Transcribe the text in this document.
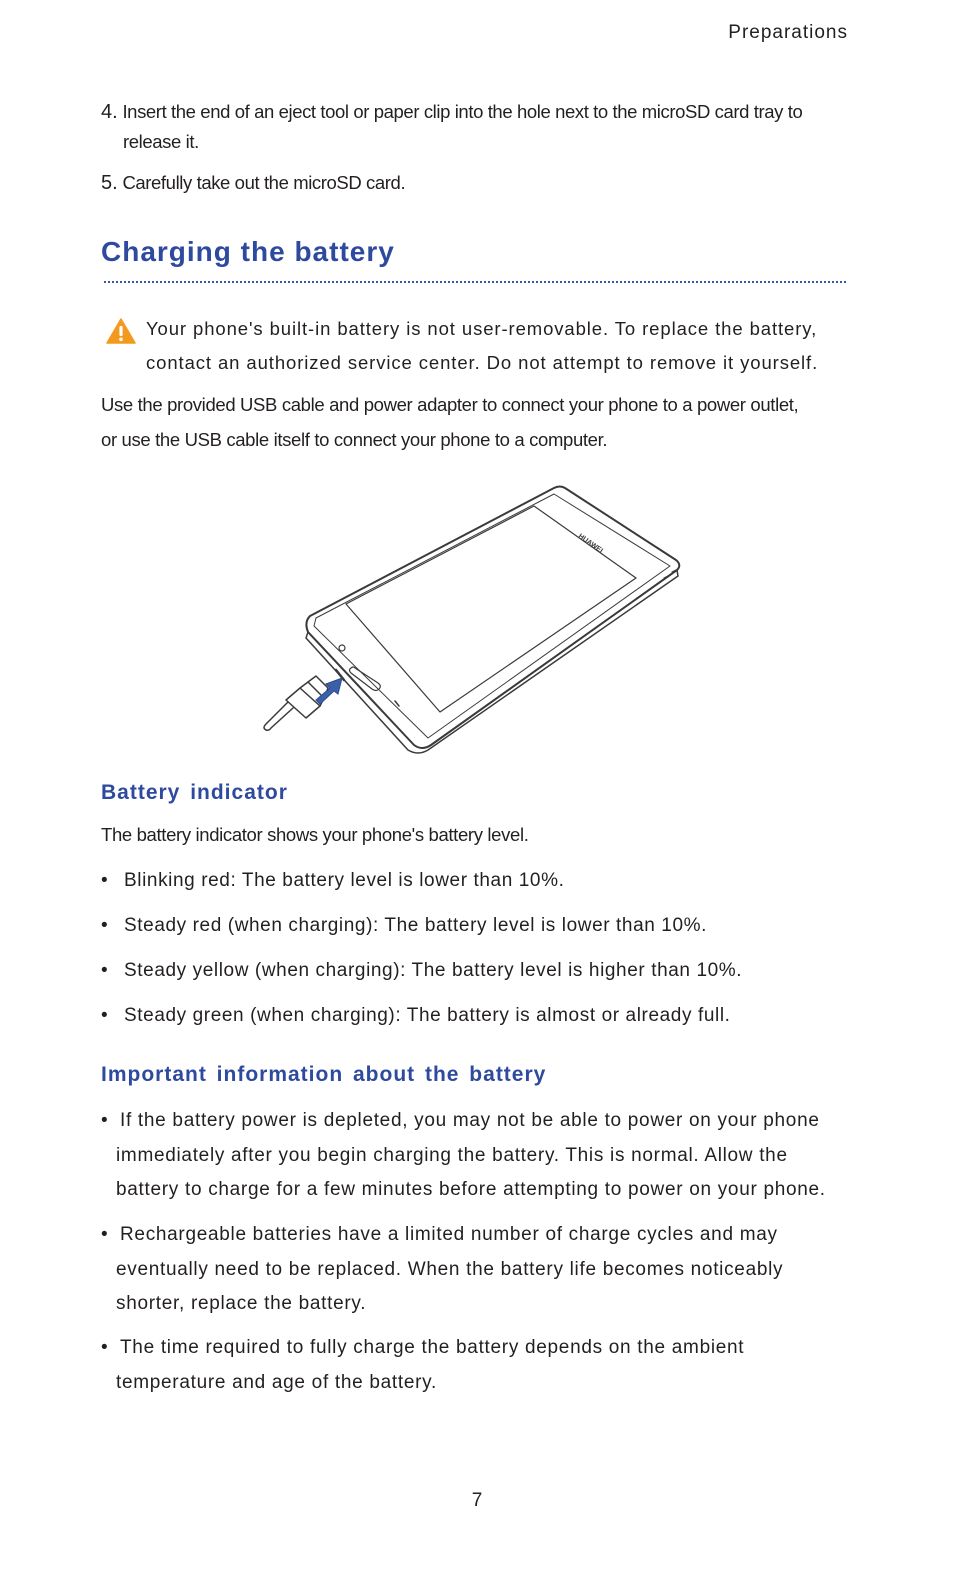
Preparations
4. Insert the end of an eject tool or paper clip into the hole next to the microSD card tray to
release it.
5. Carefully take out the microSD card.
Charging the battery
Your phone's built-in battery is not user-removable. To replace the battery,
contact an authorized service center. Do not attempt to remove it yourself.
Use the provided USB cable and power adapter to connect your phone to a power outlet,
or use the USB cable itself to connect your phone to a computer.
HUAWEI
Battery indicator
The battery indicator shows your phone's battery level.
• Blinking red: The battery level is lower than 10%.
• Steady red (when charging): The battery level is lower than 10%.
• Steady yellow (when charging): The battery level is higher than 10%.
• Steady green (when charging): The battery is almost or already full.
Important information about the battery
• If the battery power is depleted, you may not be able to power on your phone
immediately after you begin charging the battery. This is normal. Allow the
battery to charge for a few minutes before attempting to power on your phone.
• Rechargeable batteries have a limited number of charge cycles and may
eventually need to be replaced. When the battery life becomes noticeably
shorter, replace the battery.
• The time required to fully charge the battery depends on the ambient
temperature and age of the battery.
7
